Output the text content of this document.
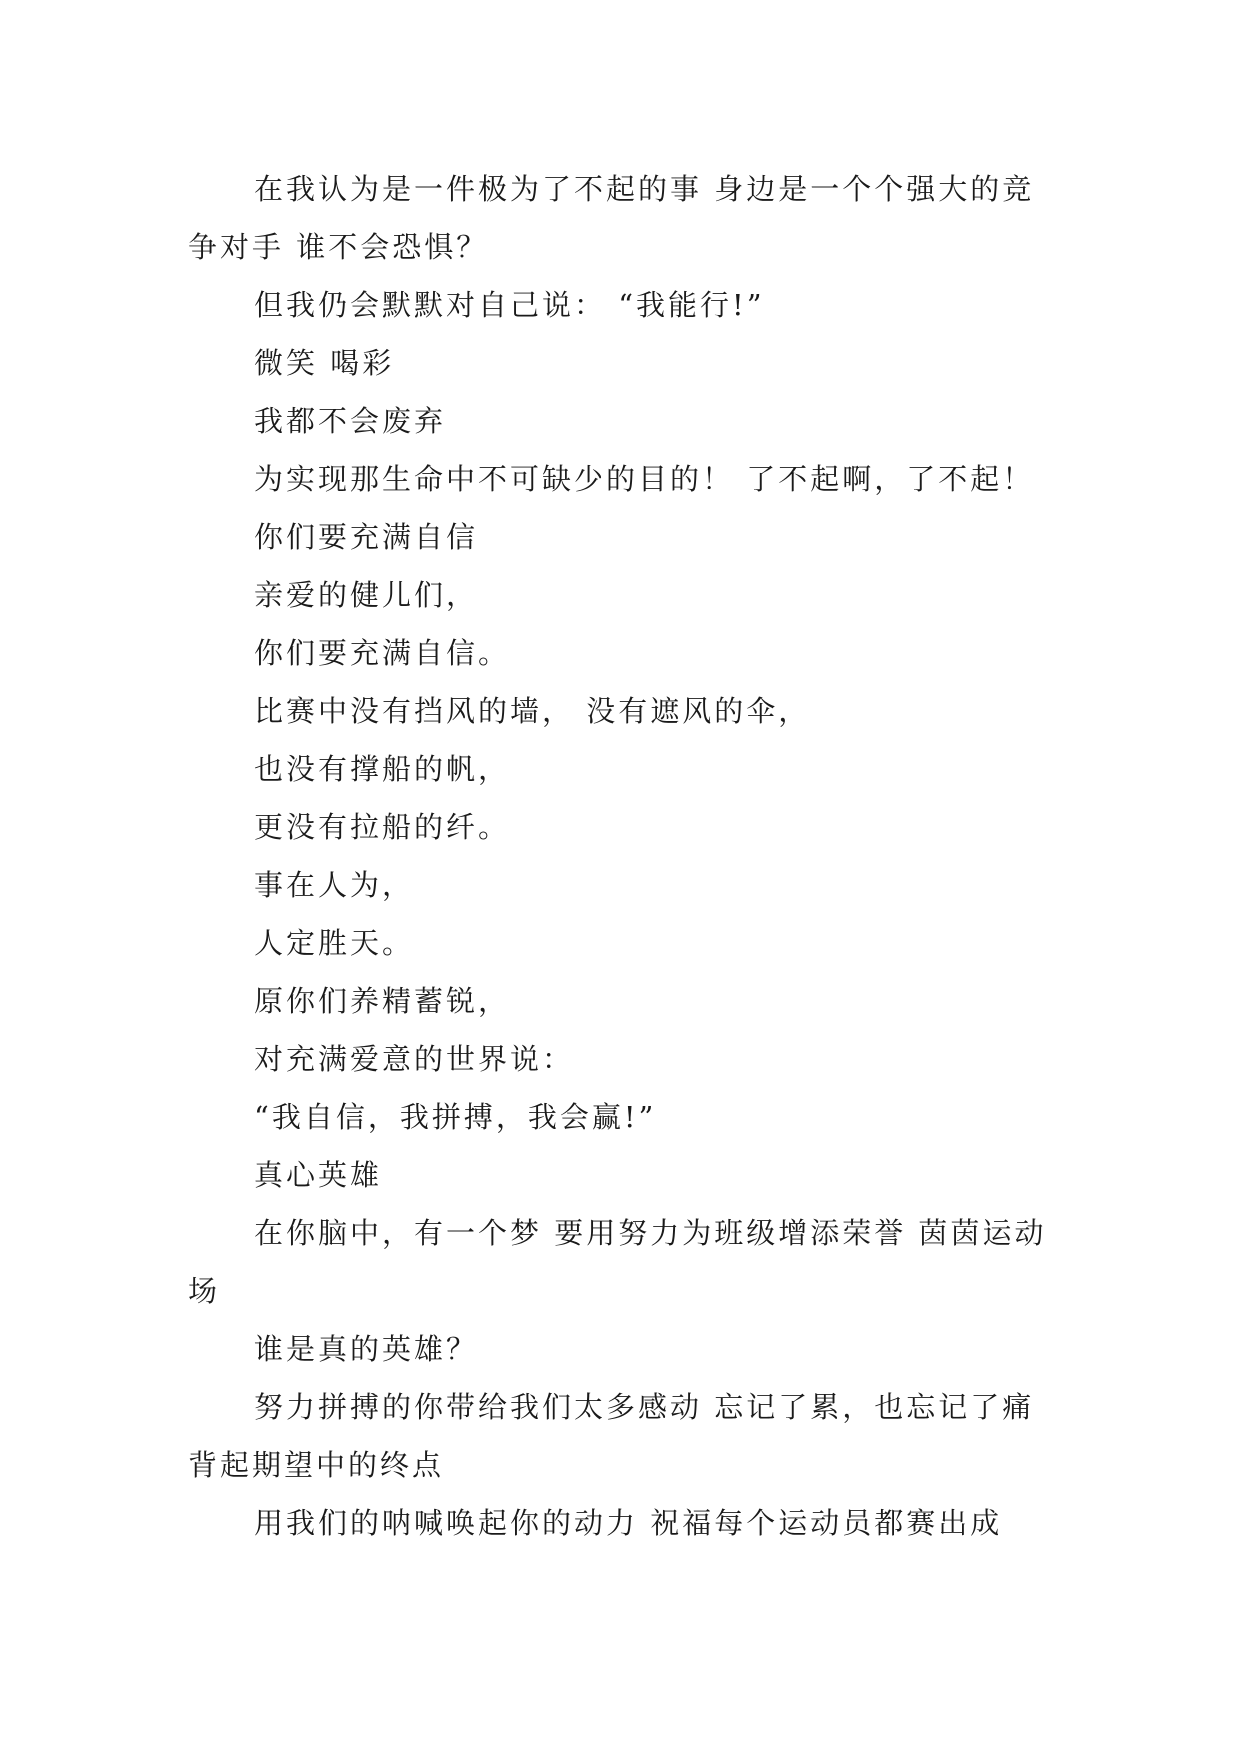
在我认为是一件极为了不起的事 身边是一个个强大的竞争对手 谁不会恐惧？

但我仍会默默对自己说： “我能行!”

微笑 喝彩

我都不会废弃

为实现那生命中不可缺少的目的！ 了不起啊，了不起！

你们要充满自信

亲爱的健儿们，

你们要充满自信。

比赛中没有挡风的墙， 没有遮风的伞，

也没有撑船的帆，

更没有拉船的纤。

事在人为，

人定胜天。

原你们养精蓄锐，

对充满爱意的世界说：

“我自信，我拼搏，我会赢!”

真心英雄

在你脑中，有一个梦 要用努力为班级增添荣誉 茵茵运动场

谁是真的英雄？

努力拼搏的你带给我们太多感动 忘记了累，也忘记了痛 背起期望中的终点

用我们的呐喊唤起你的动力 祝福每个运动员都赛出成
